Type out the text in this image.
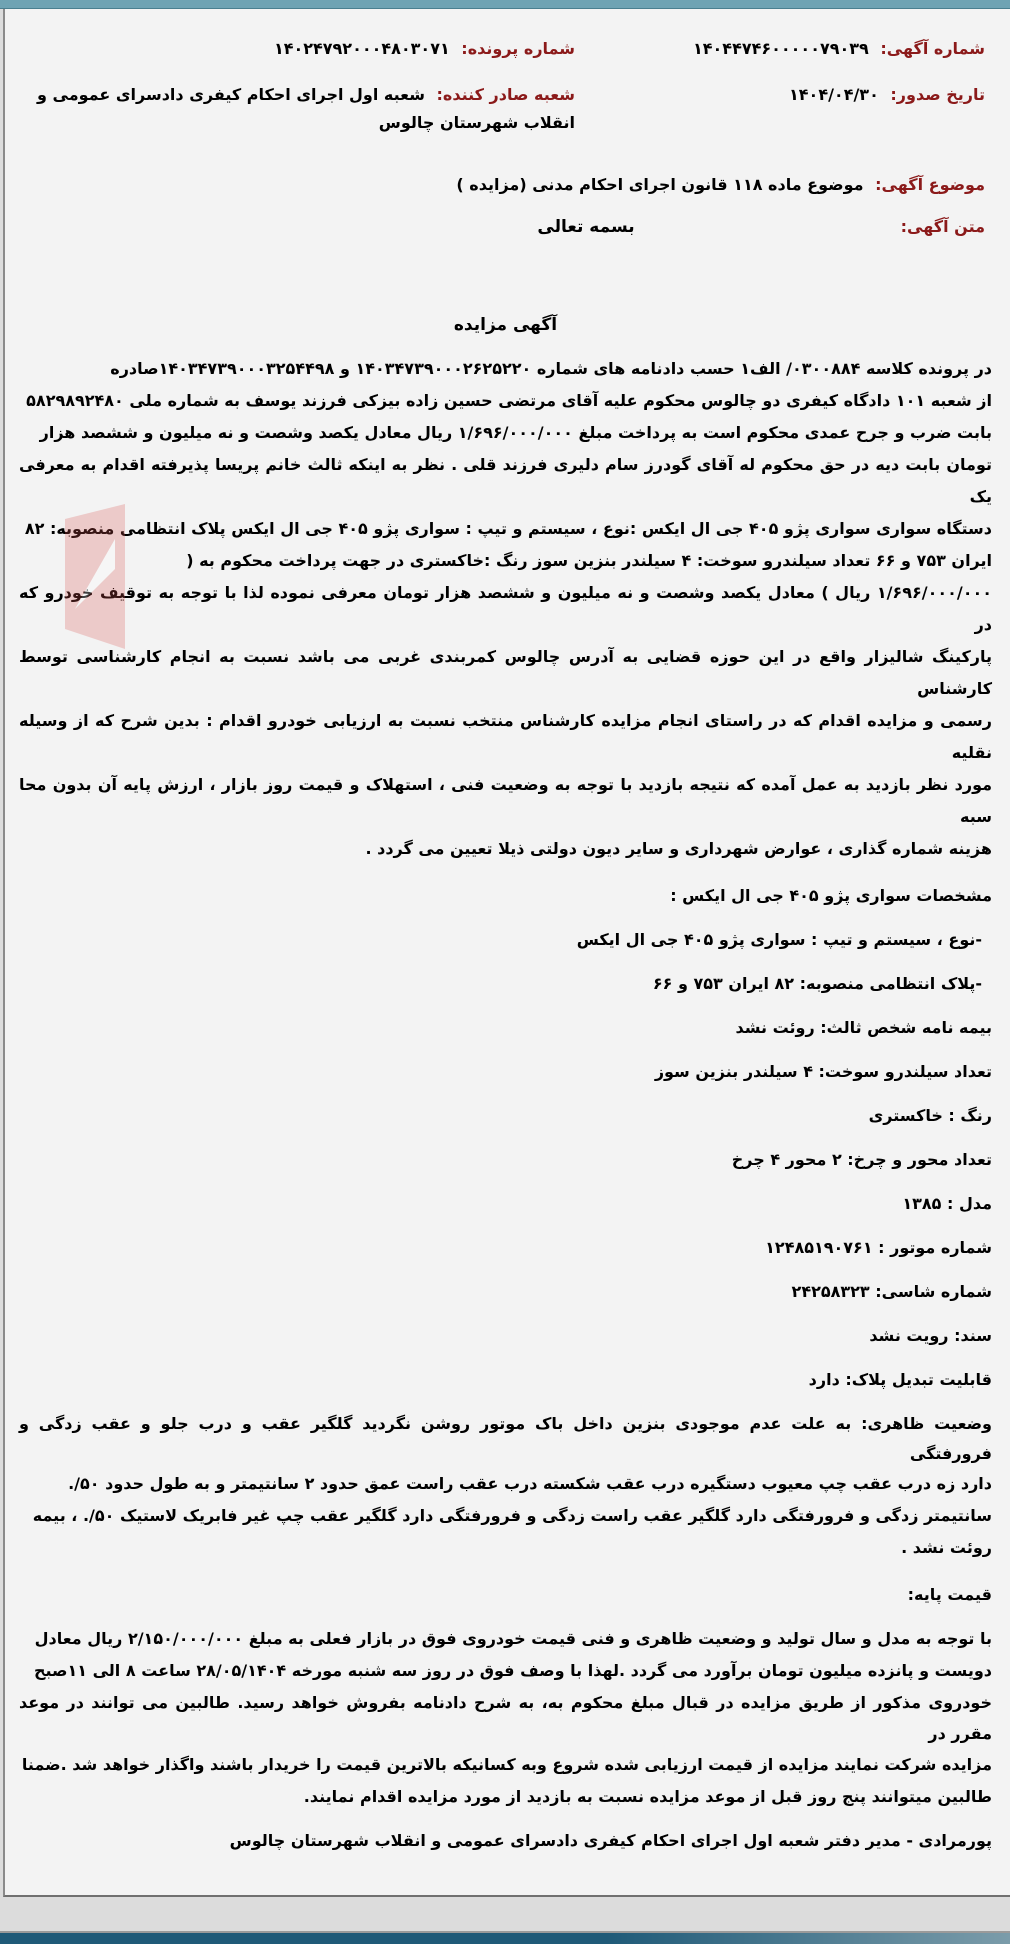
شماره آگهی: ۱۴۰۴۴۷۴۶۰۰۰۰۰۷۹۰۳۹
شماره پرونده: ۱۴۰۲۴۷۹۲۰۰۰۴۸۰۳۰۷۱
تاریخ صدور: ۱۴۰۴/۰۴/۳۰
شعبه صادر کننده: شعبه اول اجرای احکام کیفری دادسرای عمومی و انقلاب شهرستان چالوس
موضوع آگهی: موضوع ماده ۱۱۸ قانون اجرای احکام مدنی (مزایده )
متن آگهی:
بسمه تعالی
آگهی مزایده
در پرونده کلاسه ۰۳۰۰۸۸۴/ الف۱ حسب دادنامه های شماره ۱۴۰۳۴۷۳۹۰۰۰۲۶۲۵۲۲۰ و ۱۴۰۳۴۷۳۹۰۰۰۳۲۵۴۴۹۸صادره
از شعبه ۱۰۱ دادگاه کیفری دو چالوس محکوم علیه آقای مرتضی حسین زاده بیزکی فرزند یوسف به شماره ملی ۵۸۲۹۸۹۲۴۸۰
بابت ضرب و جرح عمدی محکوم است به پرداخت مبلغ ۱/۶۹۶/۰۰۰/۰۰۰ ریال معادل یکصد وشصت و نه میلیون و ششصد هزار
تومان بابت دیه در حق محکوم له آقای گودرز سام دلیری فرزند قلی . نظر به اینکه ثالث خانم پریسا پذیرفته اقدام به معرفی یک
دستگاه سواری سواری پژو ۴۰۵ جی ال ایکس :نوع ، سیستم و تیپ : سواری پژو ۴۰۵ جی ال ایکس پلاک انتظامی منصوبه: ۸۲
ایران ۷۵۳ و ۶۶ تعداد سیلندرو سوخت: ۴ سیلندر بنزین سوز رنگ :خاکستری در جهت پرداخت محکوم به (
۱/۶۹۶/۰۰۰/۰۰۰ ریال ) معادل یکصد وشصت و نه میلیون و ششصد هزار تومان معرفی نموده لذا با توجه به توقیف خودرو که در
پارکینگ شالیزار واقع در این حوزه قضایی به آدرس چالوس کمربندی غربی می باشد نسبت به انجام کارشناسی توسط کارشناس
رسمی و مزایده اقدام که در راستای انجام مزایده کارشناس منتخب نسبت به ارزیابی خودرو اقدام : بدین شرح که از وسیله نقلیه
مورد نظر بازدید به عمل آمده که نتیجه بازدید با توجه به وضعیت فنی ، استهلاک و قیمت روز بازار ، ارزش پایه آن بدون محا سبه
هزینه شماره گذاری ، عوارض شهرداری و سایر دیون دولتی ذیلا تعیین می گردد .
مشخصات سواری پژو ۴۰۵ جی ال ایکس :
-نوع ، سیستم و تیپ : سواری پژو ۴۰۵ جی ال ایکس
-پلاک انتظامی منصوبه: ۸۲ ایران ۷۵۳ و ۶۶
بیمه نامه شخص ثالث: روئت نشد
تعداد سیلندرو سوخت: ۴ سیلندر بنزین سوز
رنگ : خاکستری
تعداد محور و چرخ: ۲ محور ۴ چرخ
مدل : ۱۳۸۵
شماره موتور : ۱۲۴۸۵۱۹۰۷۶۱
شماره شاسی: ۲۴۲۵۸۳۲۳
سند: رویت نشد
قابلیت تبدیل پلاک: دارد
وضعیت ظاهری: به علت عدم موجودی بنزین داخل باک موتور روشن نگردید گلگیر عقب و درب جلو و عقب زدگی و فرورفتگی
دارد زه درب عقب چپ معیوب دستگیره درب عقب شکسته درب عقب راست عمق حدود ۲ سانتیمتر و به طول حدود ۵۰/.
سانتیمتر زدگی و فرورفتگی دارد گلگیر عقب راست زدگی و فرورفتگی دارد گلگیر عقب چپ غیر فابریک لاستیک ۵۰/. ، بیمه
روئت نشد .
قیمت پایه:
با توجه به مدل و سال تولید و وضعیت ظاهری و فنی قیمت خودروی فوق در بازار فعلی به مبلغ ۲/۱۵۰/۰۰۰/۰۰۰ ریال معادل
دویست و پانزده میلیون تومان برآورد می گردد .لهذا با وصف فوق در روز سه شنبه مورخه ۲۸/۰۵/۱۴۰۴ ساعت ۸ الی ۱۱صبح
خودروی مذکور از طریق مزایده در قبال مبلغ محکوم به، به شرح دادنامه بفروش خواهد رسید. طالبین می توانند در موعد مقرر در
مزایده شرکت نمایند مزایده از قیمت ارزیابی شده شروع وبه کسانیکه بالاترین قیمت را خریدار باشند واگذار خواهد شد .ضمنا
طالبین میتوانند پنج روز قبل از موعد مزایده نسبت به بازدید از مورد مزایده اقدام نمایند.
پورمرادی - مدیر دفتر شعبه اول اجرای احکام کیفری دادسرای عمومی و انقلاب شهرستان چالوس
